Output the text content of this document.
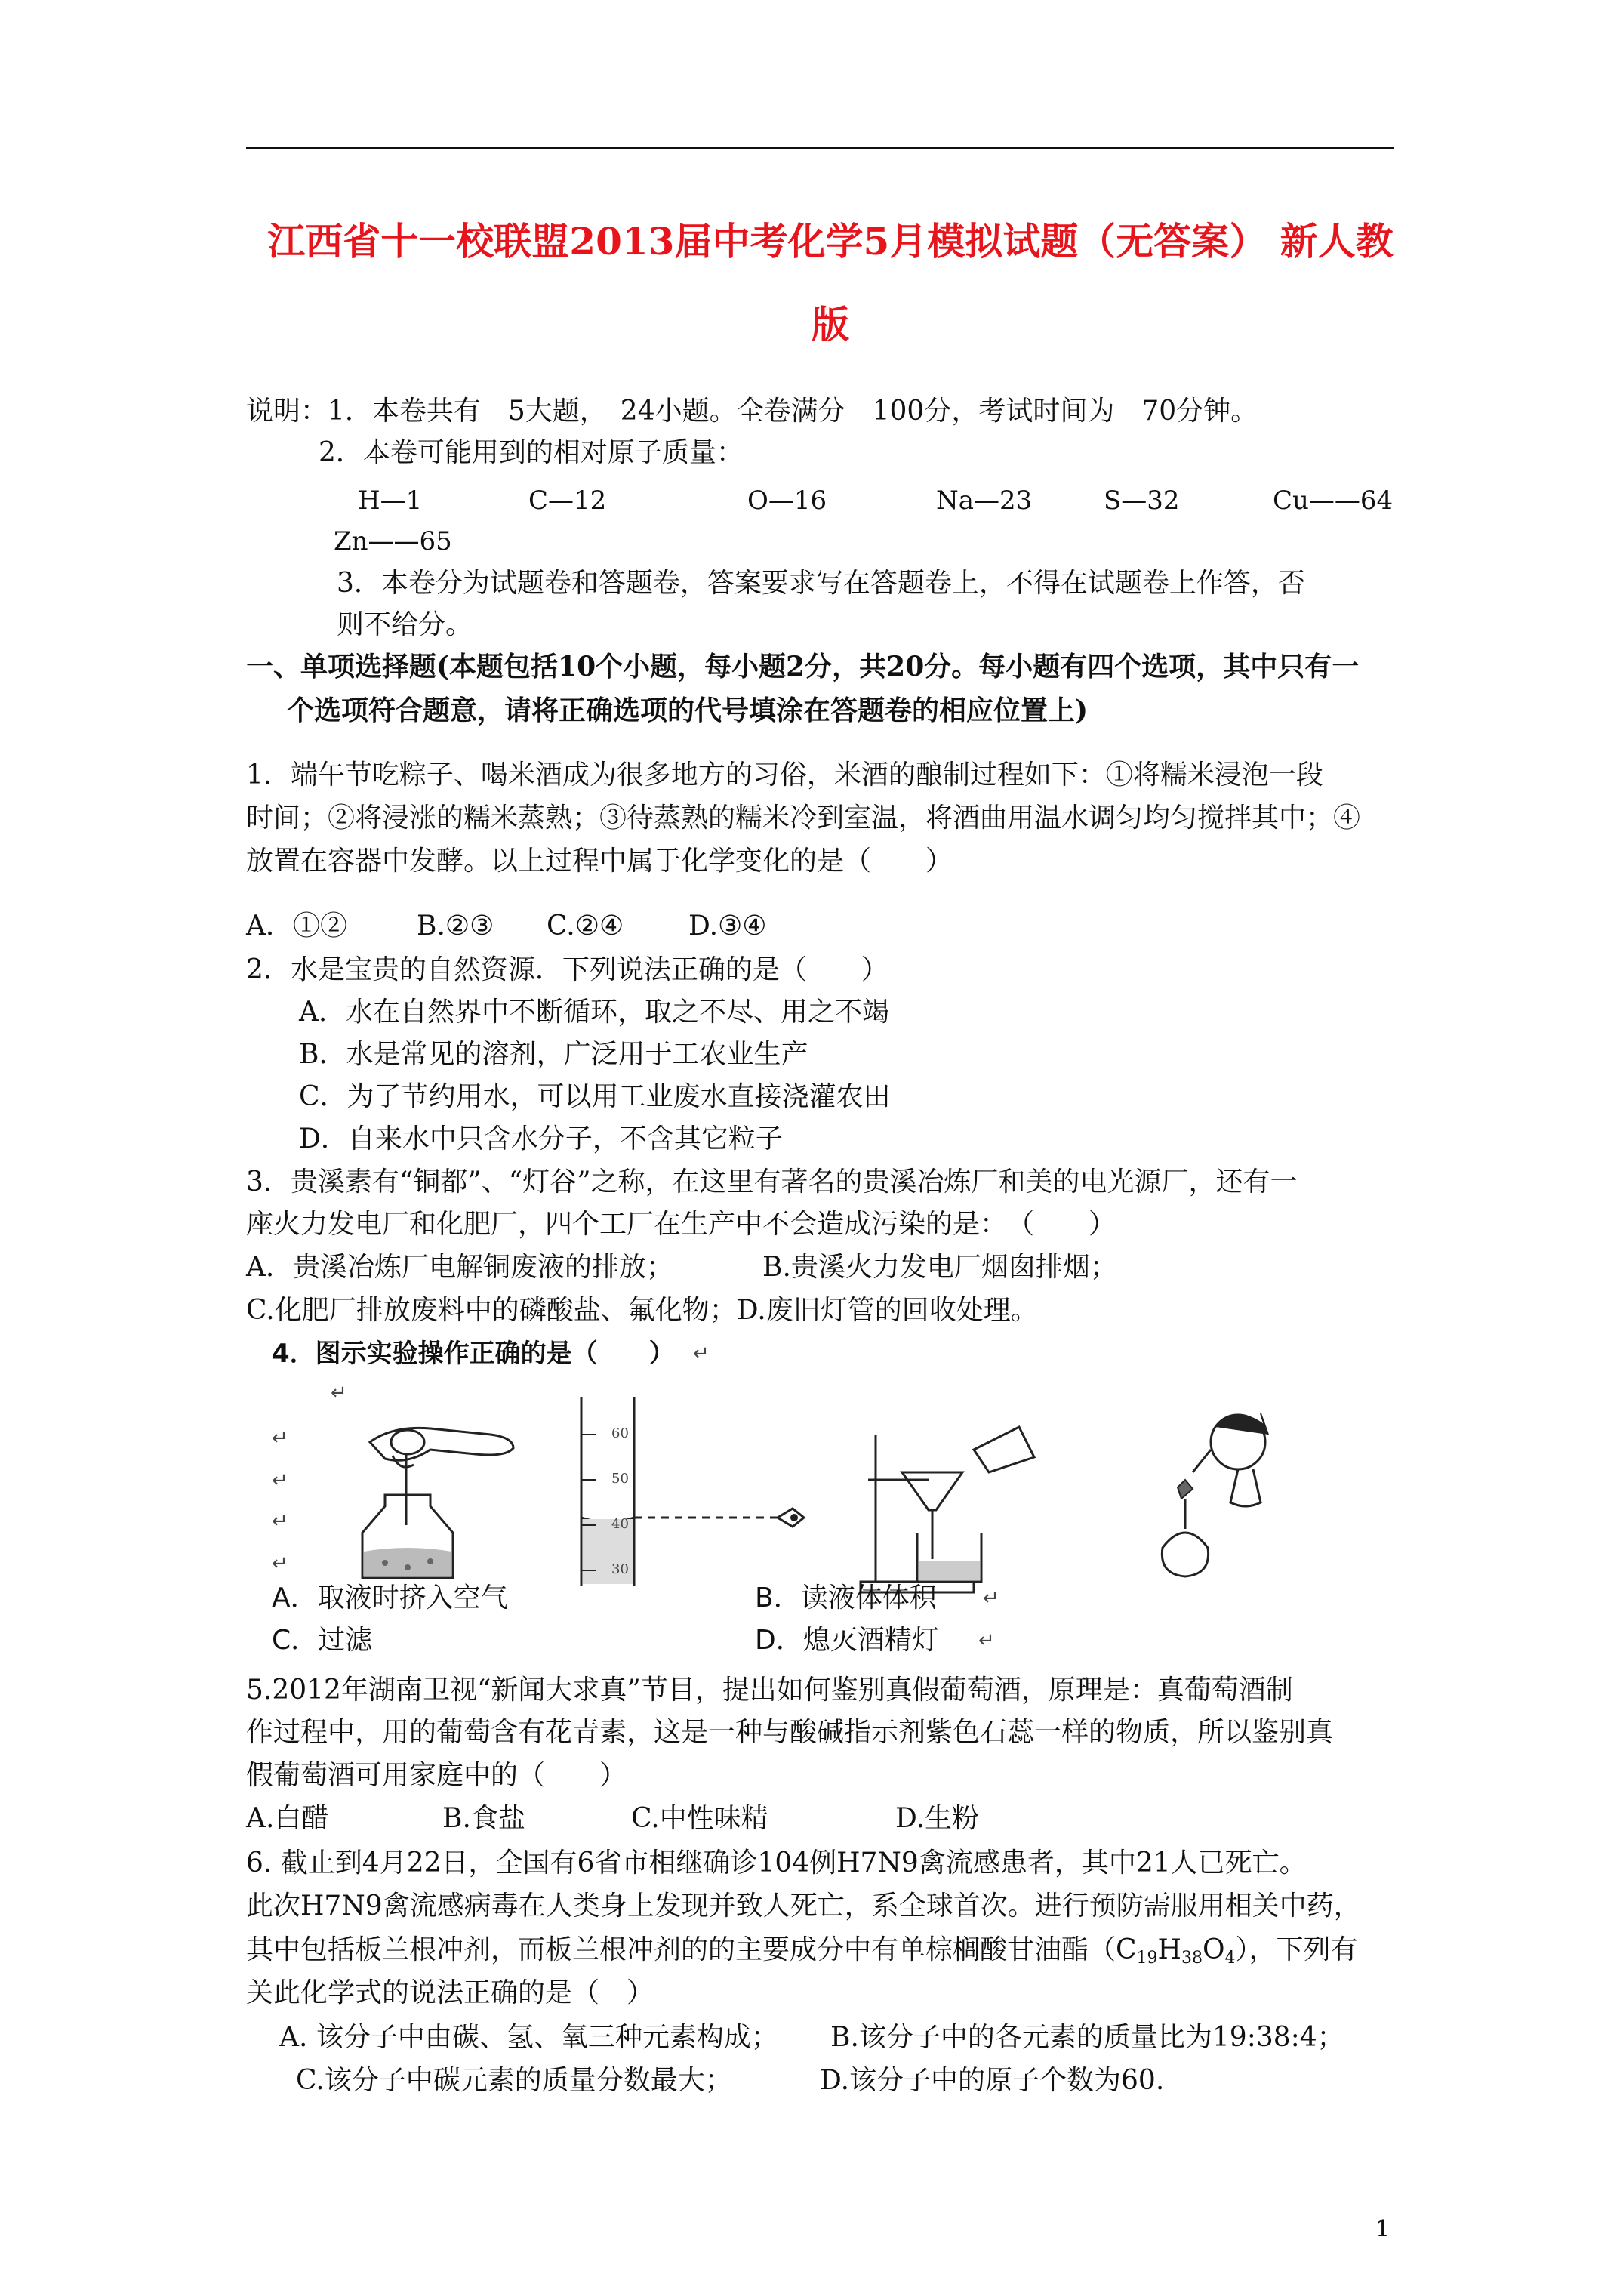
江西省十一校联盟2013届中考化学5月模拟试题（无答案） 新人教
版
说明：1．本卷共有　5大题，　24小题。全卷满分　100分，考试时间为　70分钟。
2．本卷可能用到的相对原子质量：
H—1	C—12	O—16	Na—23	S—32	Cu——64
Zn——65
3．本卷分为试题卷和答题卷，答案要求写在答题卷上，不得在试题卷上作答，否
则不给分。
一、单项选择题(本题包括10个小题，每小题2分，共20分。每小题有四个选项，其中只有一
个选项符合题意，请将正确选项的代号填涂在答题卷的相应位置上)
1．端午节吃粽子、喝米酒成为很多地方的习俗，米酒的酿制过程如下：①将糯米浸泡一段
时间；②将浸涨的糯米蒸熟；③待蒸熟的糯米冷到室温，将酒曲用温水调匀均匀搅拌其中；④
放置在容器中发酵。以上过程中属于化学变化的是（　　）
A．①②	B.②③ C.②④ D.③④
2．水是宝贵的自然资源．下列说法正确的是（　　）
A．水在自然界中不断循环，取之不尽、用之不竭
B．水是常见的溶剂，广泛用于工农业生产
C．为了节约用水，可以用工业废水直接浇灌农田
D．自来水中只含水分子，不含其它粒子
3．贵溪素有“铜都”、“灯谷”之称，在这里有著名的贵溪冶炼厂和美的电光源厂，还有一
座火力发电厂和化肥厂，四个工厂在生产中不会造成污染的是：　（　　）
A．贵溪冶炼厂电解铜废液的排放；	B.贵溪火力发电厂烟囱排烟；
C.化肥厂排放废料中的磷酸盐、氟化物；D.废旧灯管的回收处理。
4．图示实验操作正确的是（　　） ↵
↵
↵
↵
↵
↵
60
50
40
30
A．取液时挤入空气	B．读液体体积 ↵
C．过滤	D．熄灭酒精灯 ↵
5.2012年湖南卫视“新闻大求真”节目，提出如何鉴别真假葡萄酒，原理是：真葡萄酒制
作过程中，用的葡萄含有花青素，这是一种与酸碱指示剂紫色石蕊一样的物质，所以鉴别真
假葡萄酒可用家庭中的（　　）
A.白醋	B.食盐	C.中性味精	D.生粉
6. 截止到4月22日，全国有6省市相继确诊104例H7N9禽流感患者，其中21人已死亡。
此次H7N9禽流感病毒在人类身上发现并致人死亡，系全球首次。进行预防需服用相关中药，
其中包括板兰根冲剂，而板兰根冲剂的的主要成分中有单棕榈酸甘油酯$(C_{19}H_{38}O_4)$，下列有
关此化学式的说法正确的是（　）
A. 该分子中由碳、氢、氧三种元素构成； B.该分子中的各元素的质量比为19:38:4；
C.该分子中碳元素的质量分数最大；	D.该分子中的原子个数为60.
1
